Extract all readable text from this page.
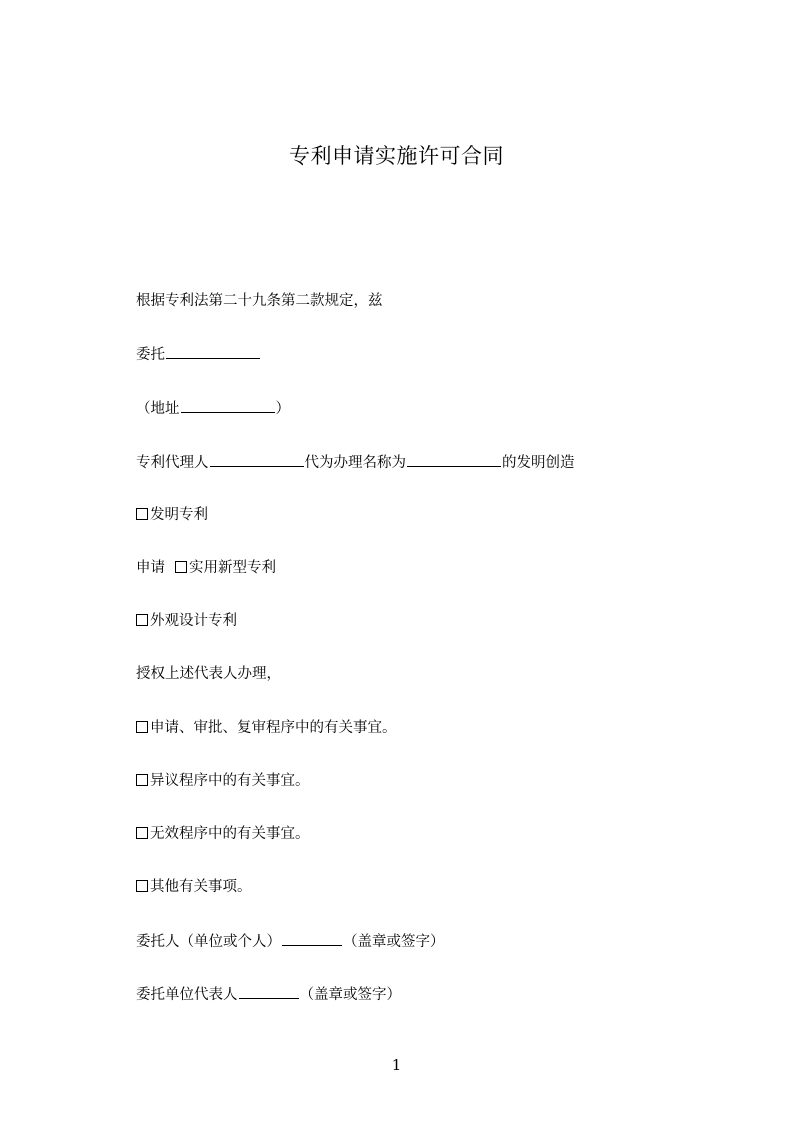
专利申请实施许可合同
根据专利法第二十九条第二款规定，兹
委托
（地址	）
专利代理人	代为办理名称为	的发明创造
发明专利
申请 实用新型专利
外观设计专利
授权上述代表人办理，
申请、审批、复审程序中的有关事宜。
异议程序中的有关事宜。
无效程序中的有关事宜。
其他有关事项。
委托人（单位或个人）	（盖章或签字）
委托单位代表人	（盖章或签字）
1
